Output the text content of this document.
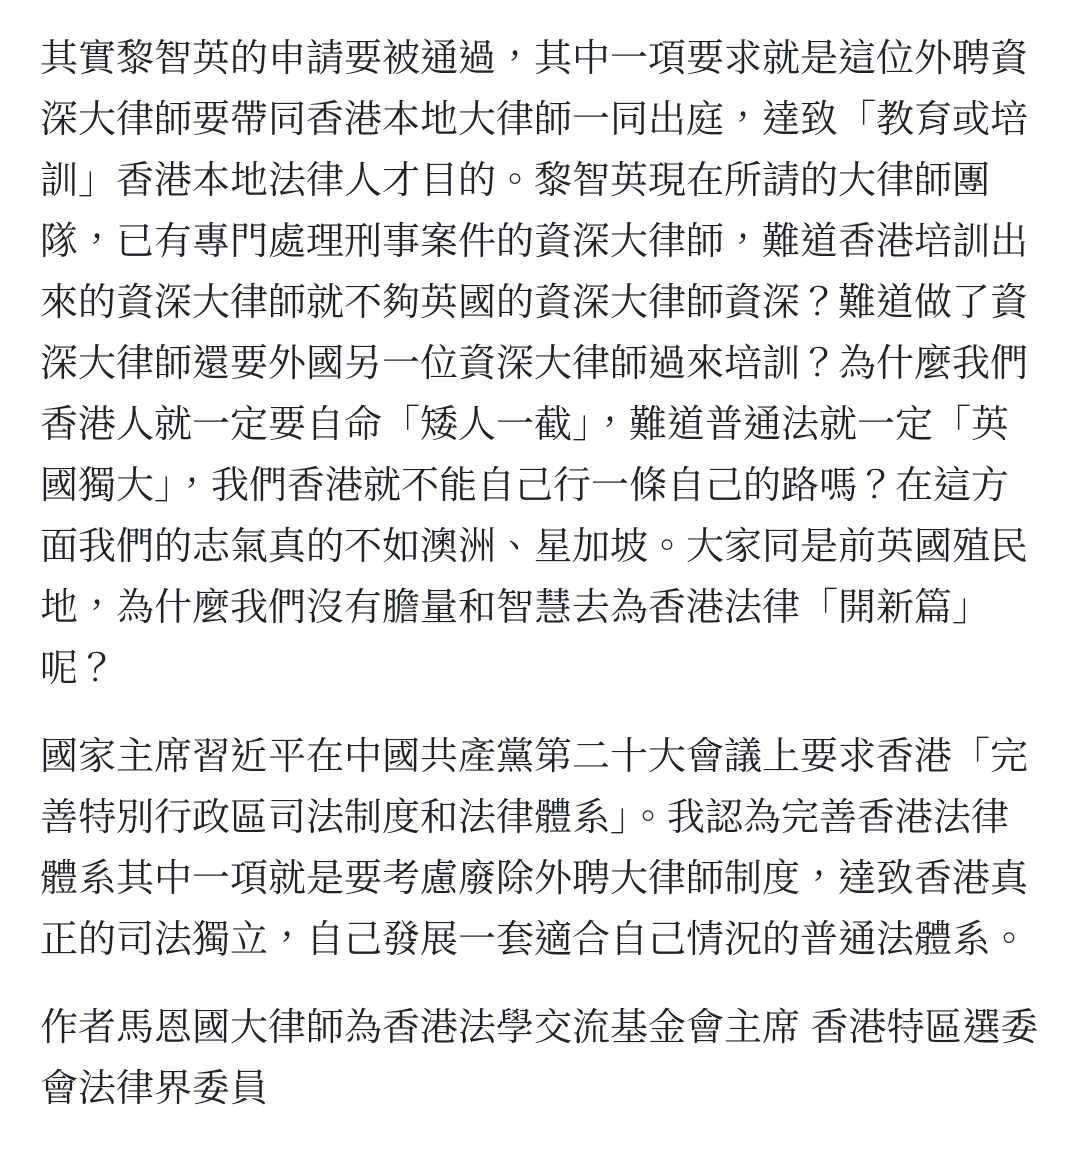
其實黎智英的申請要被通過，其中一項要求就是這位外聘資深大律師要帶同香港本地大律師一同出庭，達致「教育或培訓」香港本地法律人才目的。黎智英現在所請的大律師團隊，已有專門處理刑事案件的資深大律師，難道香港培訓出來的資深大律師就不夠英國的資深大律師資深？難道做了資深大律師還要外國另一位資深大律師過來培訓？為什麼我們香港人就一定要自命「矮人一截」，難道普通法就一定「英國獨大」，我們香港就不能自己行一條自己的路嗎？在這方面我們的志氣真的不如澳洲、星加坡。大家同是前英國殖民地，為什麼我們沒有膽量和智慧去為香港法律「開新篇」呢？

國家主席習近平在中國共產黨第二十大會議上要求香港「完善特別行政區司法制度和法律體系」。我認為完善香港法律體系其中一項就是要考慮廢除外聘大律師制度，達致香港真正的司法獨立，自己發展一套適合自己情況的普通法體系。

作者馬恩國大律師為香港法學交流基金會主席 香港特區選委會法律界委員
